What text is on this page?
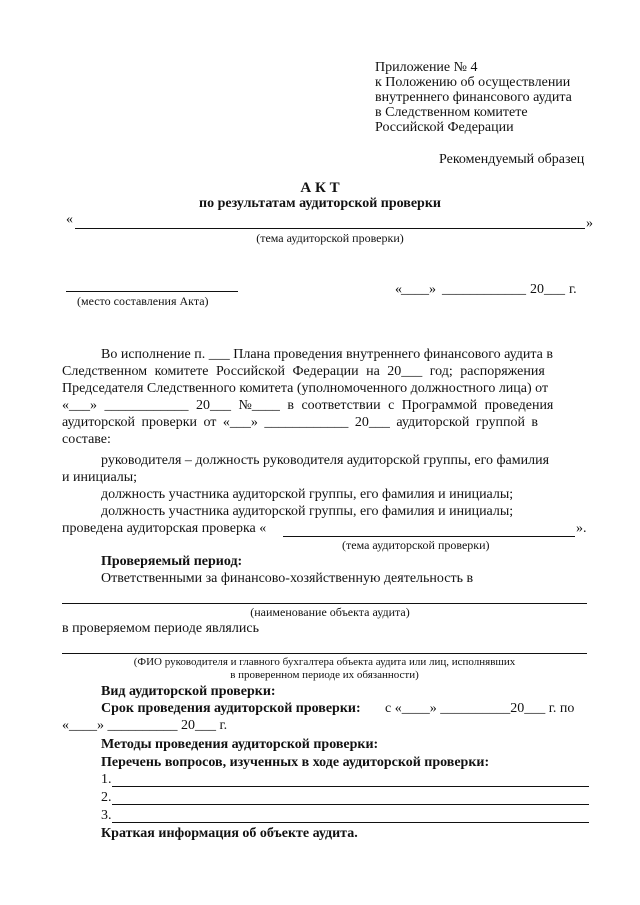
Приложение № 4
к Положению об осуществлении
внутреннего финансового аудита
в Следственном комитете
Российской Федерации
Рекомендуемый образец
А К Т
по результатам аудиторской проверки
«	»
(тема аудиторской проверки)
(место составления Акта)
« ____ » ____________ 20 ___ г.
Во исполнение п. ___ Плана проведения внутреннего финансового аудита в
Следственном комитете Российской Федерации на 20___ год; распоряжения
Председателя Следственного комитета (уполномоченного должностного лица) от
«___» ____________ 20___ №____ в соответствии с Программой проведения
аудиторской проверки от «___» ____________ 20___ аудиторской группой в
составе:
руководителя – должность руководителя аудиторской группы, его фамилия
и инициалы;
должность участника аудиторской группы, его фамилия и инициалы;
должность участника аудиторской группы, его фамилия и инициалы;
проведена аудиторская проверка «	».
(тема аудиторской проверки)
Проверяемый период:
Ответственными за финансово-хозяйственную деятельность в
(наименование объекта аудита)
в проверяемом периоде являлись
(ФИО руководителя и главного бухгалтера объекта аудита или лиц, исполнявших
в проверенном периоде их обязанности)
Вид аудиторской проверки:
Срок проведения аудиторской проверки: с «____» __________20___ г. по
«____» __________ 20___ г.
Методы проведения аудиторской проверки:
Перечень вопросов, изученных в ходе аудиторской проверки:
1.
2.
3.
Краткая информация об объекте аудита.
